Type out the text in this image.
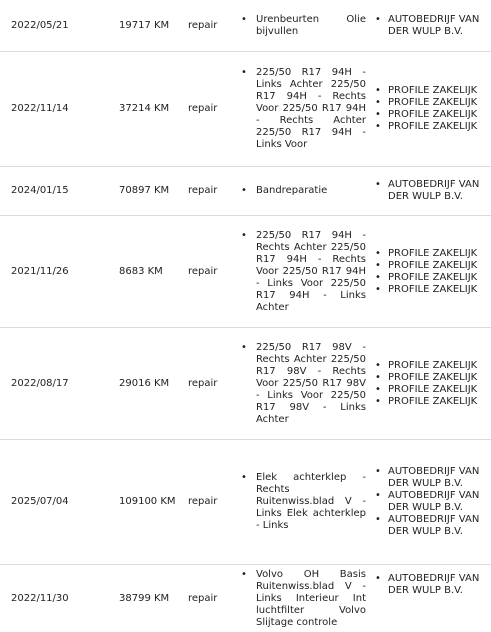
2022/05/21	19717 KM	repair
• Urenbeurten Olie bijvullen
• AUTOBEDRIJF VAN DER WULP B.V.
2022/11/14	37214 KM	repair
• 225/50 R17 94H - Links Achter 225/50 R17 94H - Rechts Voor 225/50 R17 94H - Rechts Achter 225/50 R17 94H - Links Voor
• PROFILE ZAKELIJK
• PROFILE ZAKELIJK
• PROFILE ZAKELIJK
• PROFILE ZAKELIJK
2024/01/15	70897 KM	repair
•	Bandreparatie
• AUTOBEDRIJF VAN DER WULP B.V.
2021/11/26	8683 KM	repair
• 225/50 R17 94H - Rechts Achter 225/50 R17 94H - Rechts Voor 225/50 R17 94H - Links Voor 225/50 R17 94H - Links Achter
• PROFILE ZAKELIJK
• PROFILE ZAKELIJK
• PROFILE ZAKELIJK
• PROFILE ZAKELIJK
2022/08/17	29016 KM	repair
• 225/50 R17 98V - Rechts Achter 225/50 R17 98V - Rechts Voor 225/50 R17 98V - Links Voor 225/50 R17 98V - Links Achter
• PROFILE ZAKELIJK
• PROFILE ZAKELIJK
• PROFILE ZAKELIJK
• PROFILE ZAKELIJK
2025/07/04	109100 KM	repair
• Elek achterklep - Rechts Ruitenwiss.blad V - Links Elek achterklep - Links
• AUTOBEDRIJF VAN DER WULP B.V.
• AUTOBEDRIJF VAN DER WULP B.V.
• AUTOBEDRIJF VAN DER WULP B.V.
2022/11/30	38799 KM	repair
• Volvo OH Basis Ruitenwiss.blad V - Links Interieur Int luchtfilter Volvo Slijtage controle
• AUTOBEDRIJF VAN DER WULP B.V.
